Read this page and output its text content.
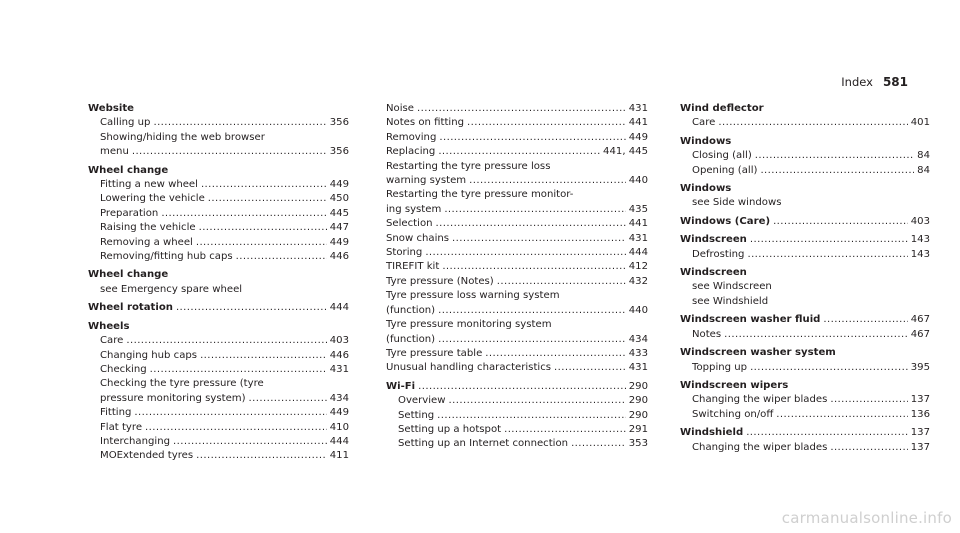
Index 581
Website
Calling up .....	356
Showing/hiding the web browser
menu .....	356
Wheel change
Fitting a new wheel .....	449
Lowering the vehicle .....	450
Preparation .....	445
Raising the vehicle .....	447
Removing a wheel .....	449
Removing/fitting hub caps .....	446
Wheel change
see Emergency spare wheel
Wheel rotation .....	444
Wheels
Care .....	403
Changing hub caps .....	446
Checking .....	431
Checking the tyre pressure (tyre
pressure monitoring system) .....	434
Fitting .....	449
Flat tyre .....	410
Interchanging .....	444
MOExtended tyres .....	411
Noise .....	431
Notes on fitting .....	441
Removing .....	449
Replacing .....	441, 445
Restarting the tyre pressure loss
warning system .....	440
Restarting the tyre pressure monitor-
ing system .....	435
Selection .....	441
Snow chains .....	431
Storing .....	444
TIREFIT kit .....	412
Tyre pressure (Notes) .....	432
Tyre pressure loss warning system
(function) .....	440
Tyre pressure monitoring system
(function) .....	434
Tyre pressure table .....	433
Unusual handling characteristics .....	431
Wi-Fi .....	290
Overview .....	290
Setting .....	290
Setting up a hotspot .....	291
Setting up an Internet connection .....	353
Wind deflector
Care .....	401
Windows
Closing (all) .....	84
Opening (all) .....	84
Windows
see Side windows
Windows (Care) .....	403
Windscreen .....	143
Defrosting .....	143
Windscreen
see Windscreen
see Windshield
Windscreen washer fluid .....	467
Notes .....	467
Windscreen washer system
Topping up .....	395
Windscreen wipers
Changing the wiper blades .....	137
Switching on/off .....	136
Windshield .....	137
Changing the wiper blades .....	137
carmanualsonline.info
